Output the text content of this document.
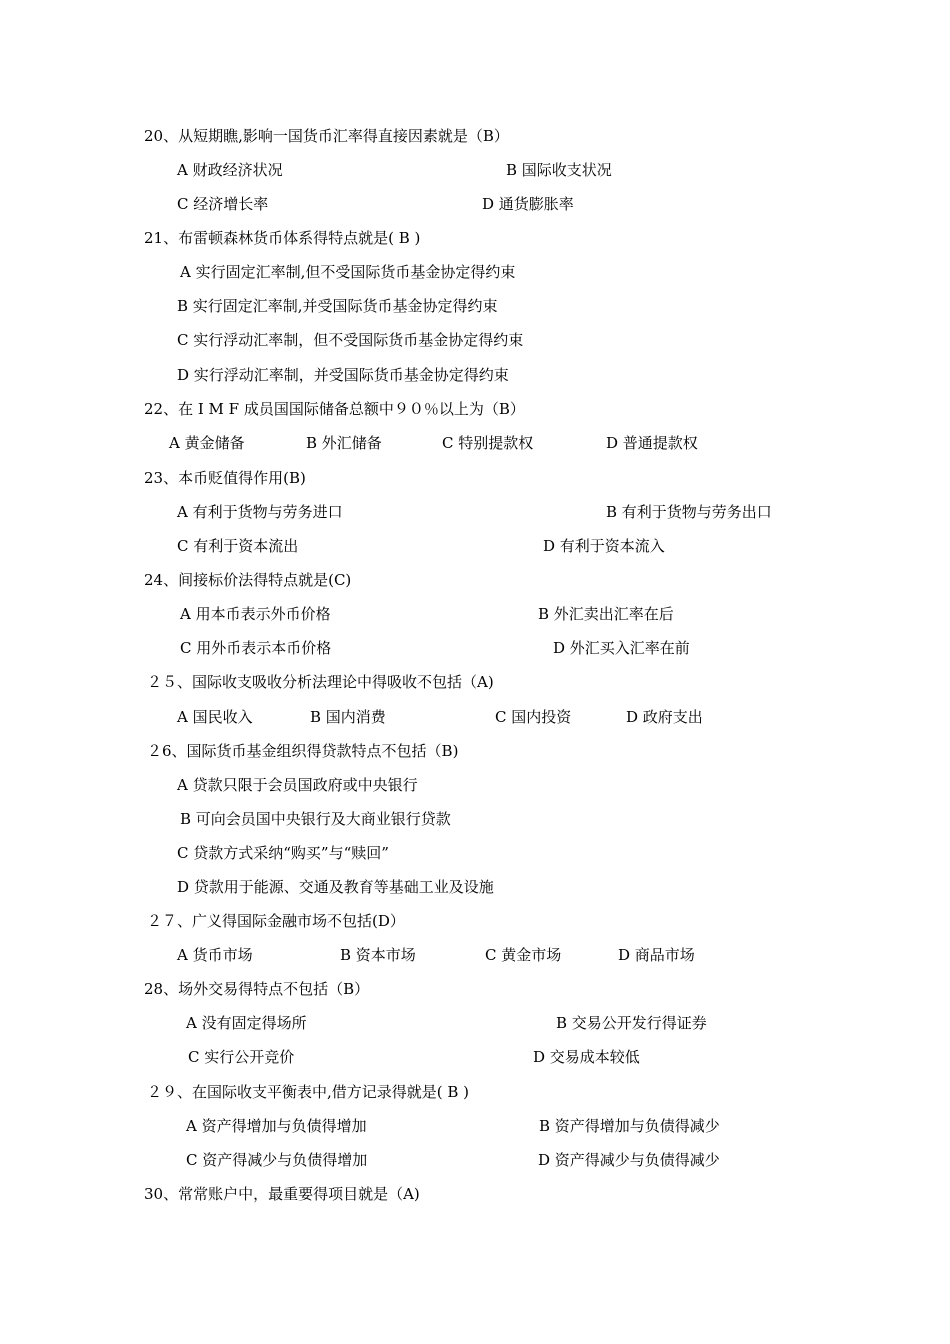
20、从短期瞧,影响一国货币汇率得直接因素就是（B）
A 财政经济状况	B 国际收支状况
C 经济增长率	D 通货膨胀率
21、布雷顿森林货币体系得特点就是( B )
A 实行固定汇率制,但不受国际货币基金协定得约束
B 实行固定汇率制,并受国际货币基金协定得约束
C 实行浮动汇率制，但不受国际货币基金协定得约束
D 实行浮动汇率制，并受国际货币基金协定得约束
22、在 I M F 成员国国际储备总额中９０％以上为（B）
A 黄金储备	B 外汇储备	C 特别提款权	D 普通提款权
23、本币贬值得作用(B)
A 有利于货物与劳务进口	B 有利于货物与劳务出口
C 有利于资本流出	D 有利于资本流入
24、间接标价法得特点就是(C)
A 用本币表示外币价格	B 外汇卖出汇率在后
C 用外币表示本币价格	D 外汇买入汇率在前
２５、国际收支吸收分析法理论中得吸收不包括（A)
A 国民收入	B 国内消费	C 国内投资	D 政府支出
２6、国际货币基金组织得贷款特点不包括（B)
A 贷款只限于会员国政府或中央银行
B 可向会员国中央银行及大商业银行贷款
C 贷款方式采纳“购买”与“赎回”
D 贷款用于能源、交通及教育等基础工业及设施
２７、广义得国际金融市场不包括(D）
A 货币市场	B 资本市场	C 黄金市场	D 商品市场
28、场外交易得特点不包括（B）
A 没有固定得场所	B 交易公开发行得证券
C 实行公开竞价	D 交易成本较低
２９、在国际收支平衡表中,借方记录得就是( B )
A 资产得增加与负债得增加	B 资产得增加与负债得减少
C 资产得减少与负债得增加	D 资产得减少与负债得减少
30、常常账户中，最重要得项目就是（A)
